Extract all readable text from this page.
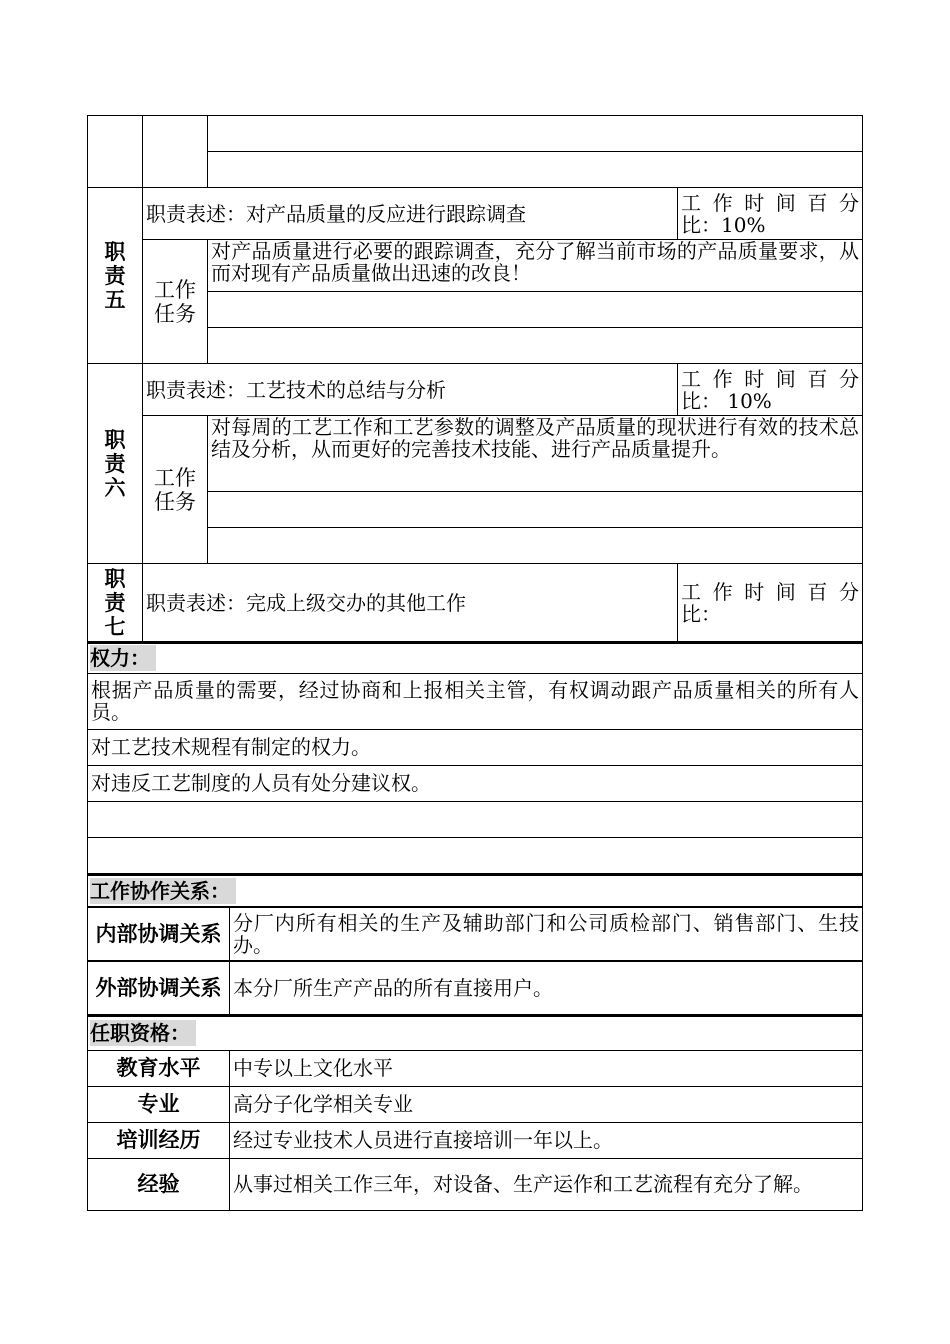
职责五	职责表述：对产品质量的反应进行跟踪调查		工作时间百分
比：10%

	工作任务	对产品质量进行必要的跟踪调查，充分了解当前市场的产品质量要求，从而对现有产品质量做出迅速的改良！	

职责六	职责表述：工艺技术的总结与分析		工作时间百分
比： 10%

	工作任务	对每周的工艺工作和工艺参数的调整及产品质量的现状进行有效的技术总结及分析，从而更好的完善技术技能、进行产品质量提升。	

职责七	职责表述：完成上级交办的其他工作		工作时间百分
比：
权力：
根据产品质量的需要，经过协商和上报相关主管，有权调动跟产品质量相关的所有人员。
对工艺技术规程有制定的权力。
对违反工艺制度的人员有处分建议权。

工作协作关系：	
内部协调关系	分厂内所有相关的生产及辅助部门和公司质检部门、销售部门、生技办。
外部协调关系	本分厂所生产产品的所有直接用户。
任职资格：	
教育水平	中专以上文化水平
专业	高分子化学相关专业
培训经历	经过专业技术人员进行直接培训一年以上。
经验	从事过相关工作三年，对设备、生产运作和工艺流程有充分了解。
